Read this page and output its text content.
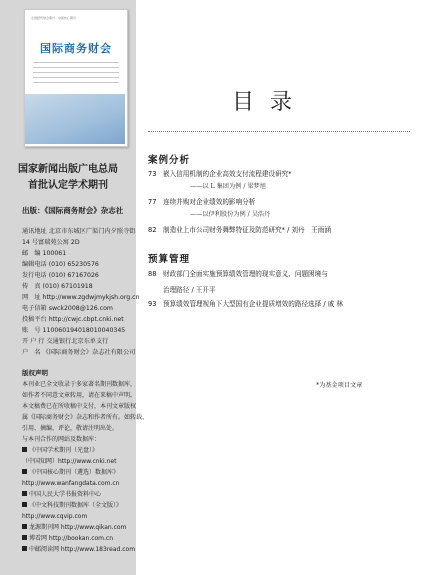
全国经贸财会期刊 · 中国核心期刊
国际商务财会
国家新闻出版广电总局
首批认定学术期刊
出版：《国际商务财会》杂志社
通讯地址 北京市东城区广渠门内夕照寺街
14 号富瑞苑公寓 2D
邮　编 100061
编辑电话 (010) 65230576
发行电话 (010) 67167026
传　真 (010) 67101918
网　址 http://www.zgdwjmykjsh.org.cn
电子信箱 swck2008@126.com
投稿平台 http://cwjc.cbpt.cnki.net
账　号 110060194018010040345
开 户 行 交通银行北京东单支行
户　名 《国际商务财会》杂志社有限公司
版权声明
本刊业已全文收录于多家著名期刊数据库，
如作者不同意文章转用，请在来稿中声明。
本文稿费已在所收稿中支付，本刊文章版权
属《国际商务财会》杂志和作者所有。如转载、
引用、摘编、评论，敬请注明出处。
与本刊合作的网站及数据库：
《中国学术期刊（光盘）》
（中国知网）http://www.cnki.net
《中国核心期刊（遴选）数据库》
http://www.wanfangdata.com.cn
中国人民大学书报资料中心
《中文科技期刊数据库（全文版）》
http://www.cqvip.com
龙源期刊网 http://www.qikan.com
博看网 http://bookan.com.cn
中邮阅读网 http://www.183read.com
目录
案例分析
73 嵌入信用机制的企业高效支付流程建设研究*
——以 L 集团为例 / 梁梦旭
77 连续并购对企业绩效的影响分析
——以伊利股份为例 / 吴浩丹
82 制造业上市公司财务舞弊特征及防范研究* / 刘丹　王雨涵
预算管理
88 财政部门全面实施预算绩效管理的现实意义、问题困境与
治理路径 / 王开平
93 预算绩效管理视角下大型国有企业提质增效的路径选择 / 戚 林
*为基金项目文章
